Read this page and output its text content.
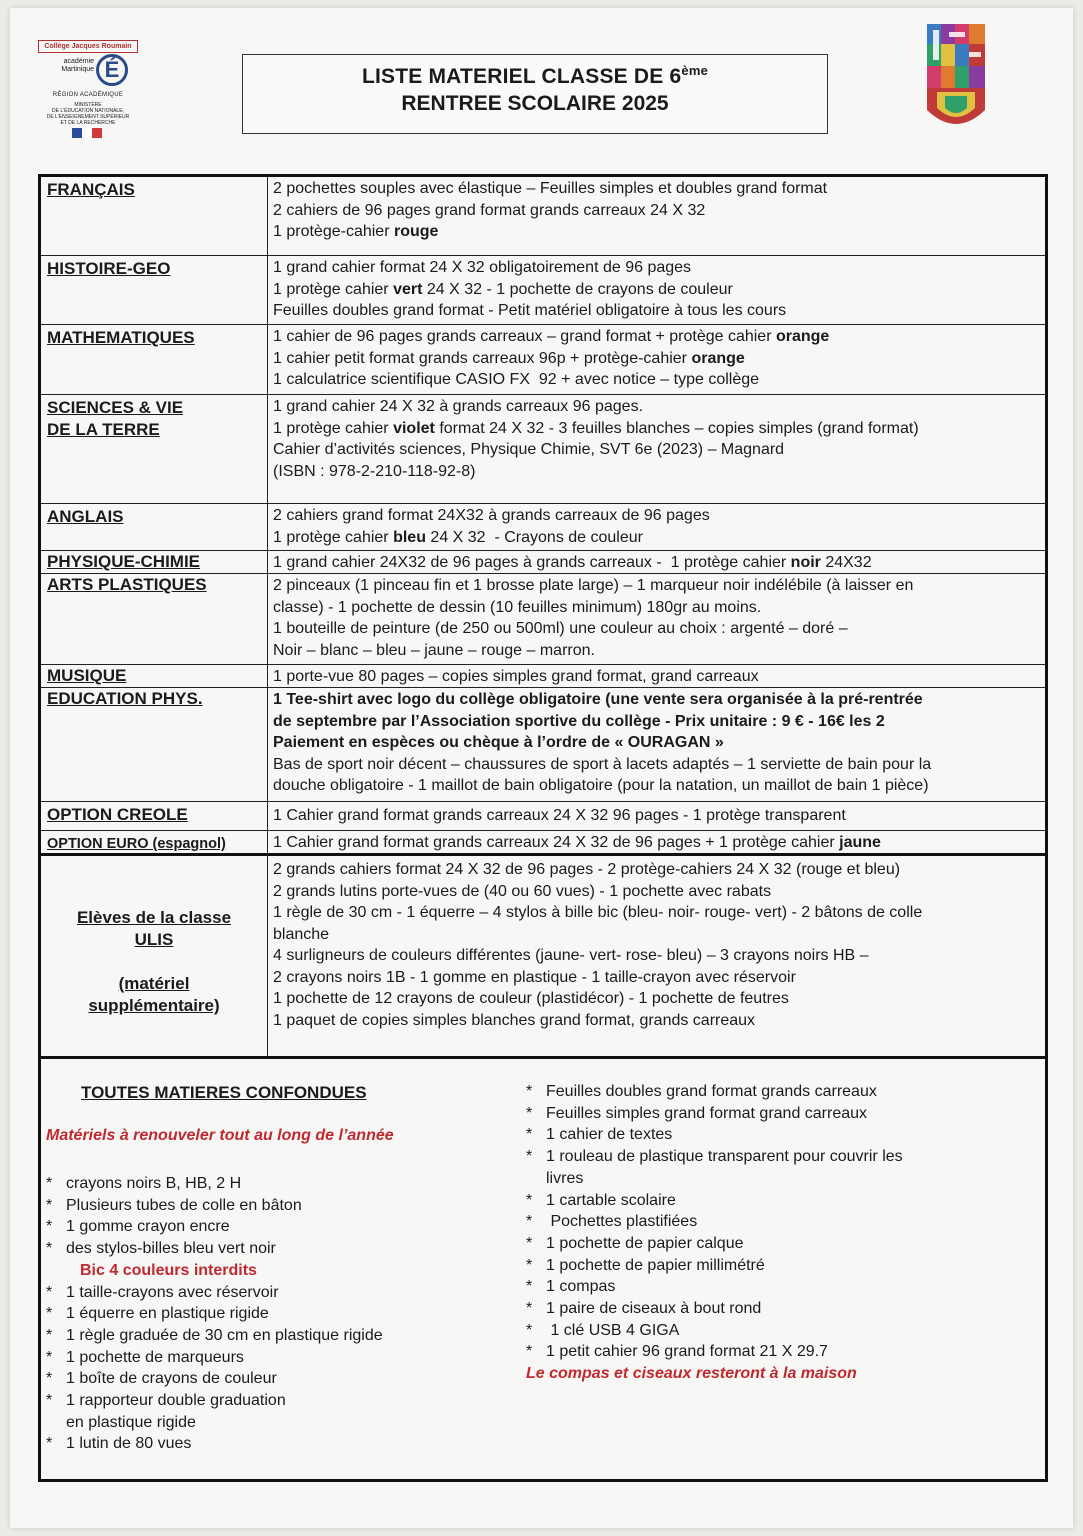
Collège Jacques Roumain
académie
Martinique É
RÉGION ACADÉMIQUE
MINISTÈRE
DE L'ÉDUCATION NATIONALE,
DE L'ENSEIGNEMENT SUPÉRIEUR
ET DE LA RECHERCHE
LISTE MATERIEL CLASSE DE 6ème
RENTREE SCOLAIRE 2025
FRANÇAIS	2 pochettes souples avec élastique – Feuilles simples et doubles grand format
2 cahiers de 96 pages grand format grands carreaux 24 X 32
1 protège-cahier rouge
HISTOIRE-GEO	1 grand cahier format 24 X 32 obligatoirement de 96 pages
1 protège cahier vert 24 X 32 - 1 pochette de crayons de couleur
Feuilles doubles grand format - Petit matériel obligatoire à tous les cours
MATHEMATIQUES	1 cahier de 96 pages grands carreaux – grand format + protège cahier orange
1 cahier petit format grands carreaux 96p + protège-cahier orange
1 calculatrice scientifique CASIO FX  92 + avec notice – type collège
SCIENCES & VIE
DE LA TERRE
1 grand cahier 24 X 32 à grands carreaux 96 pages.
1 protège cahier violet format 24 X 32 - 3 feuilles blanches – copies simples (grand format)
Cahier d’activités sciences, Physique Chimie, SVT 6e (2023) – Magnard
(ISBN : 978-2-210-118-92-8)
ANGLAIS	2 cahiers grand format 24X32 à grands carreaux de 96 pages
1 protège cahier bleu 24 X 32  - Crayons de couleur
PHYSIQUE-CHIMIE	1 grand cahier 24X32 de 96 pages à grands carreaux -  1 protège cahier noir 24X32
ARTS PLASTIQUES	2 pinceaux (1 pinceau fin et 1 brosse plate large) – 1 marqueur noir indélébile (à laisser en
classe) - 1 pochette de dessin (10 feuilles minimum) 180gr au moins.
1 bouteille de peinture (de 250 ou 500ml) une couleur au choix : argenté – doré –
Noir – blanc – bleu – jaune – rouge – marron.
MUSIQUE	1 porte-vue 80 pages – copies simples grand format, grand carreaux
EDUCATION PHYS.	1 Tee-shirt avec logo du collège obligatoire (une vente sera organisée à la pré-rentrée
de septembre par l’Association sportive du collège - Prix unitaire : 9 € - 16€ les 2
Paiement en espèces ou chèque à l’ordre de « OURAGAN »
Bas de sport noir décent – chaussures de sport à lacets adaptés – 1 serviette de bain pour la
douche obligatoire - 1 maillot de bain obligatoire (pour la natation, un maillot de bain 1 pièce)
OPTION CREOLE	1 Cahier grand format grands carreaux 24 X 32 96 pages - 1 protège transparent
OPTION EURO (espagnol)	1 Cahier grand format grands carreaux 24 X 32 de 96 pages + 1 protège cahier jaune
Elèves de la classe
ULIS
(matériel
supplémentaire)
2 grands cahiers format 24 X 32 de 96 pages - 2 protège-cahiers 24 X 32 (rouge et bleu)
2 grands lutins porte-vues de (40 ou 60 vues) - 1 pochette avec rabats
1 règle de 30 cm - 1 équerre – 4 stylos à bille bic (bleu- noir- rouge- vert) - 2 bâtons de colle
blanche
4 surligneurs de couleurs différentes (jaune- vert- rose- bleu) – 3 crayons noirs HB –
2 crayons noirs 1B - 1 gomme en plastique - 1 taille-crayon avec réservoir
1 pochette de 12 crayons de couleur (plastidécor) - 1 pochette de feutres
1 paquet de copies simples blanches grand format, grands carreaux
TOUTES MATIERES CONFONDUES
Matériels à renouveler tout au long de l’année
* crayons noirs B, HB, 2 H
* Plusieurs tubes de colle en bâton
* 1 gomme crayon encre
* des stylos-billes bleu vert noir
Bic 4 couleurs interdits
* 1 taille-crayons avec réservoir
* 1 équerre en plastique rigide
* 1 règle graduée de 30 cm en plastique rigide
* 1 pochette de marqueurs
* 1 boîte de crayons de couleur
* 1 rapporteur double graduation
en plastique rigide
* 1 lutin de 80 vues
* Feuilles doubles grand format grands carreaux
* Feuilles simples grand format grand carreaux
* 1 cahier de textes
* 1 rouleau de plastique transparent pour couvrir les
livres
* 1 cartable scolaire
* Pochettes plastifiées
* 1 pochette de papier calque
* 1 pochette de papier millimétré
* 1 compas
* 1 paire de ciseaux à bout rond
* 1 clé USB 4 GIGA
* 1 petit cahier 96 grand format 21 X 29.7
Le compas et ciseaux resteront à la maison
